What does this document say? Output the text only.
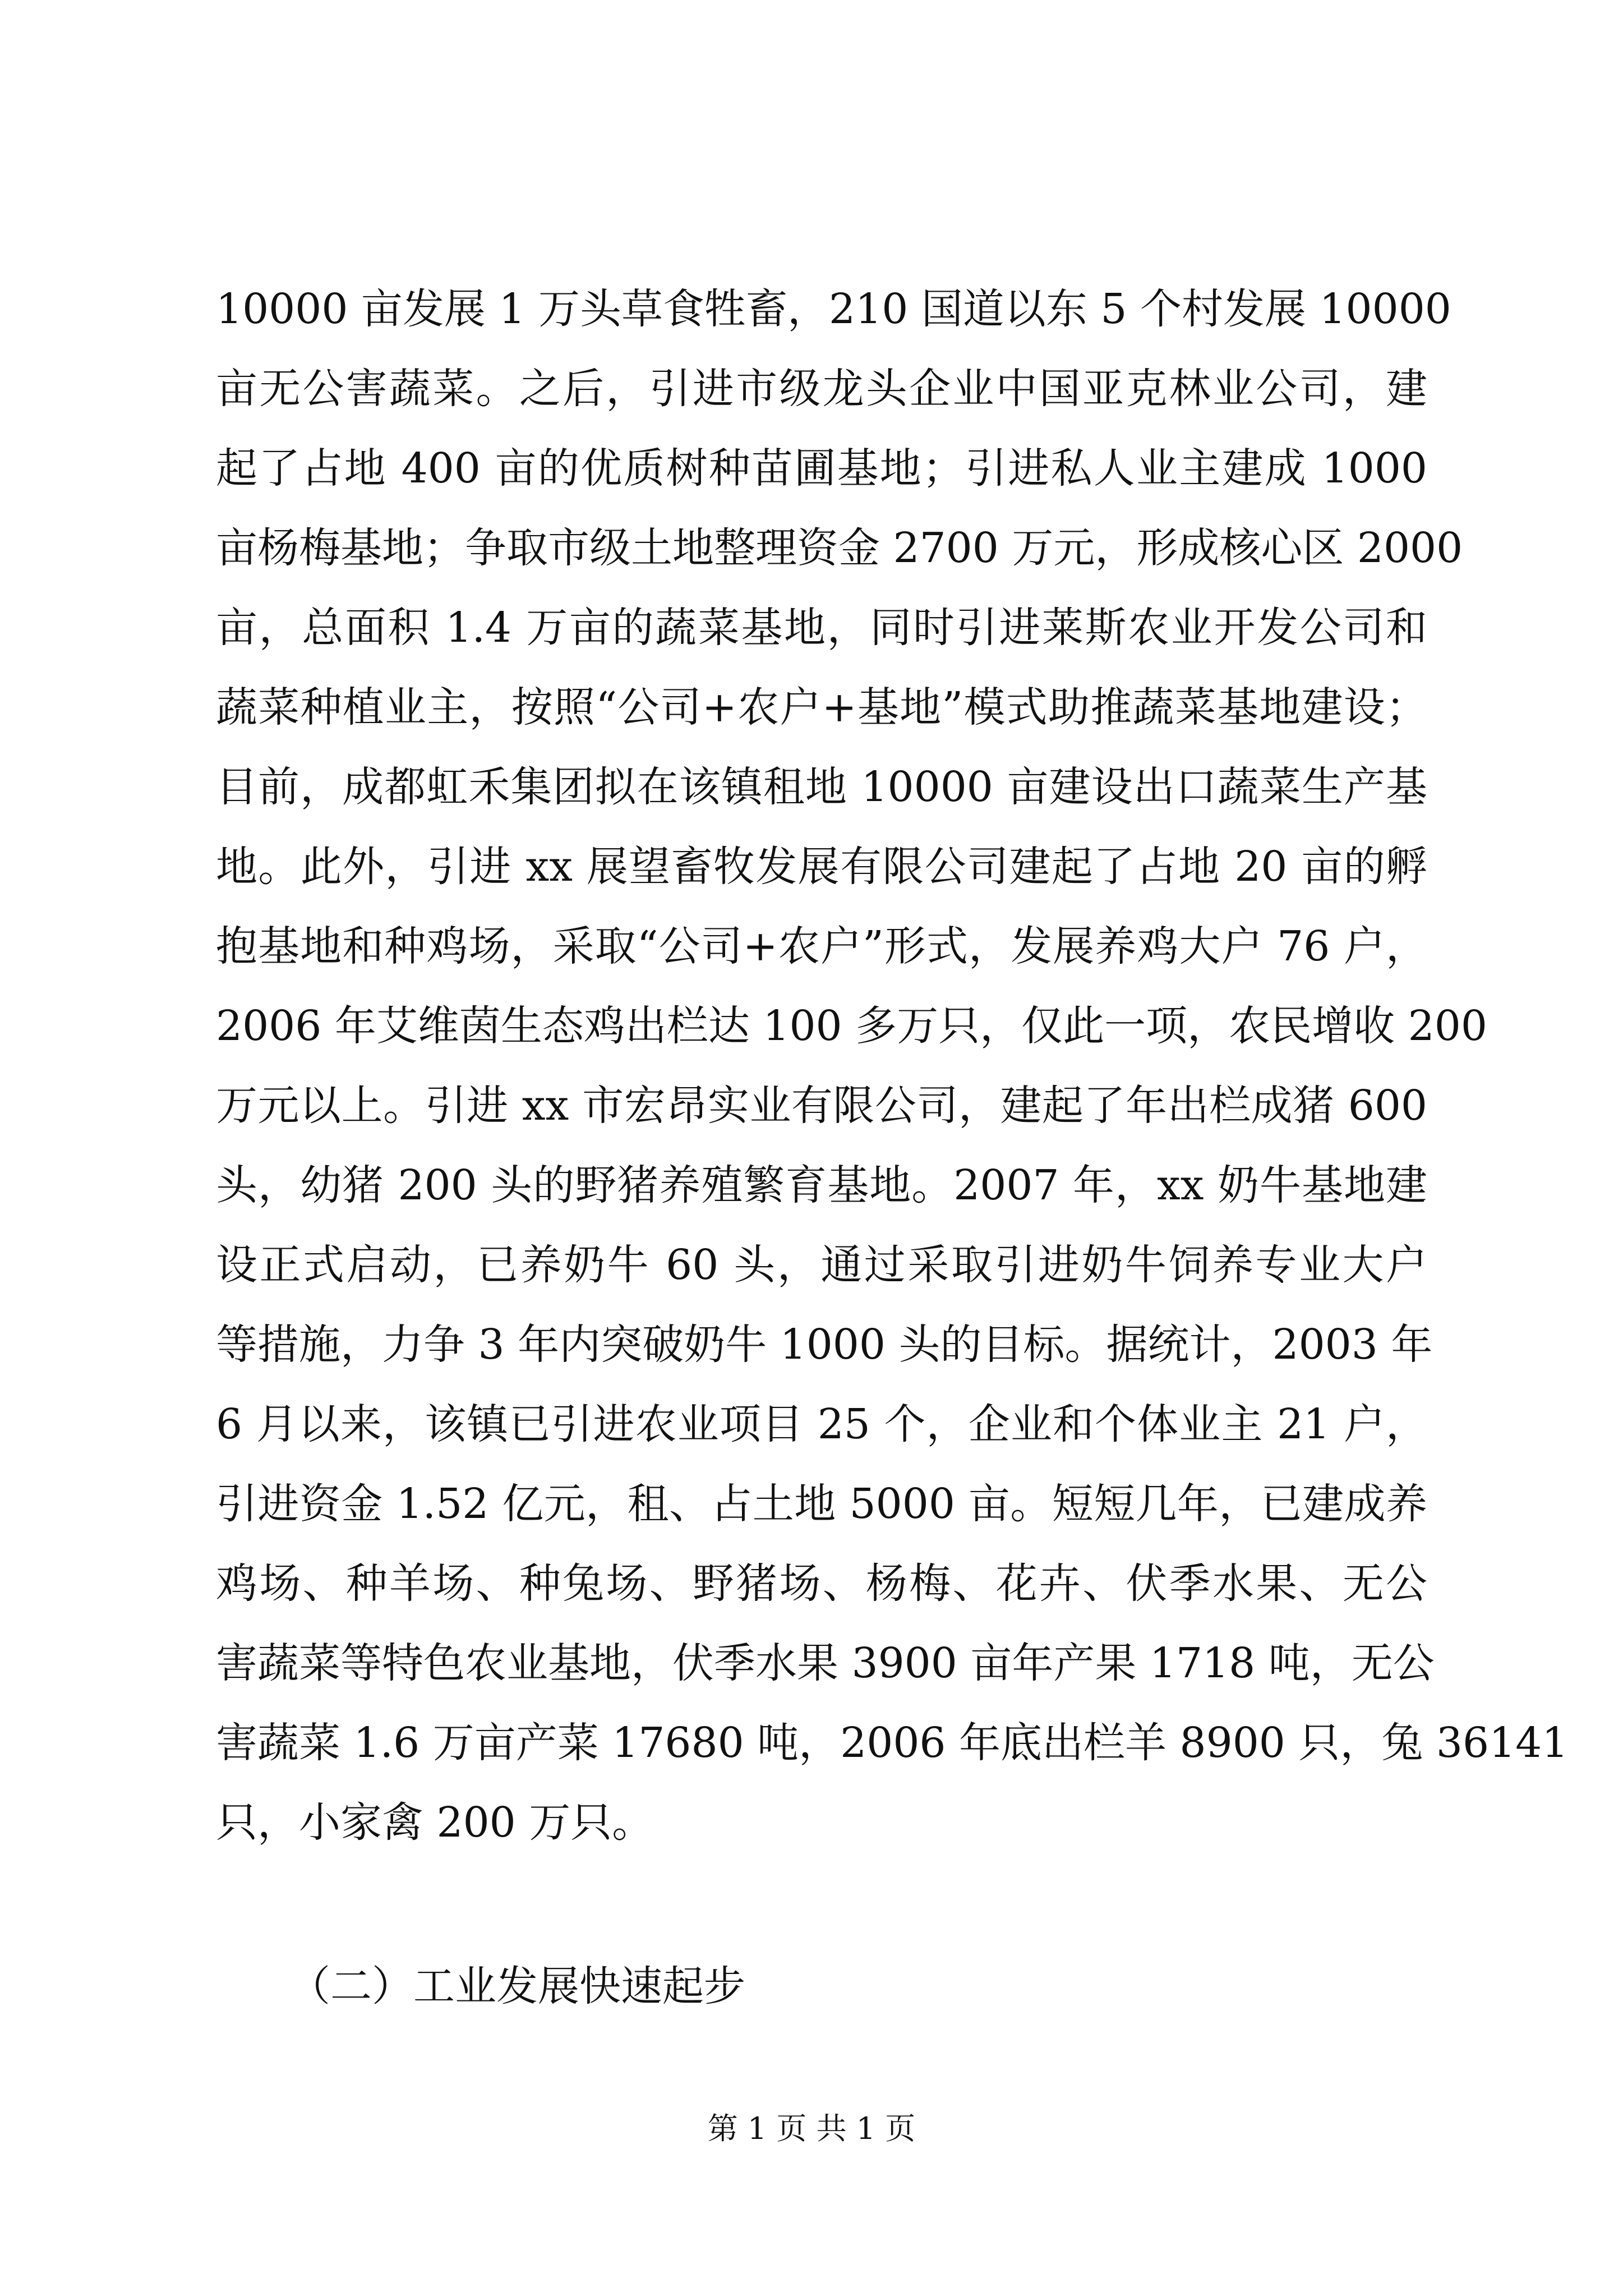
10000 亩发展 1 万头草食牲畜，210 国道以东 5 个村发展 10000
亩无公害蔬菜。之后，引进市级龙头企业中国亚克林业公司，建
起了占地 400 亩的优质树种苗圃基地；引进私人业主建成 1000
亩杨梅基地；争取市级土地整理资金 2700 万元，形成核心区 2000
亩，总面积 1.4 万亩的蔬菜基地，同时引进莱斯农业开发公司和
蔬菜种植业主，按照“公司+农户+基地”模式助推蔬菜基地建设；
目前，成都虹禾集团拟在该镇租地 10000 亩建设出口蔬菜生产基
地。此外，引进 xx 展望畜牧发展有限公司建起了占地 20 亩的孵
抱基地和种鸡场，采取“公司+农户”形式，发展养鸡大户 76 户，
2006 年艾维茵生态鸡出栏达 100 多万只，仅此一项，农民增收 200
万元以上。引进 xx 市宏昂实业有限公司，建起了年出栏成猪 600
头，幼猪 200 头的野猪养殖繁育基地。2007 年，xx 奶牛基地建
设正式启动，已养奶牛 60 头，通过采取引进奶牛饲养专业大户
等措施，力争 3 年内突破奶牛 1000 头的目标。据统计，2003 年
6 月以来，该镇已引进农业项目 25 个，企业和个体业主 21 户，
引进资金 1.52 亿元，租、占土地 5000 亩。短短几年，已建成养
鸡场、种羊场、种兔场、野猪场、杨梅、花卉、伏季水果、无公
害蔬菜等特色农业基地，伏季水果 3900 亩年产果 1718 吨，无公
害蔬菜 1.6 万亩产菜 17680 吨，2006 年底出栏羊 8900 只，兔 36141
只，小家禽 200 万只。
（二）工业发展快速起步
第 1 页 共 1 页
